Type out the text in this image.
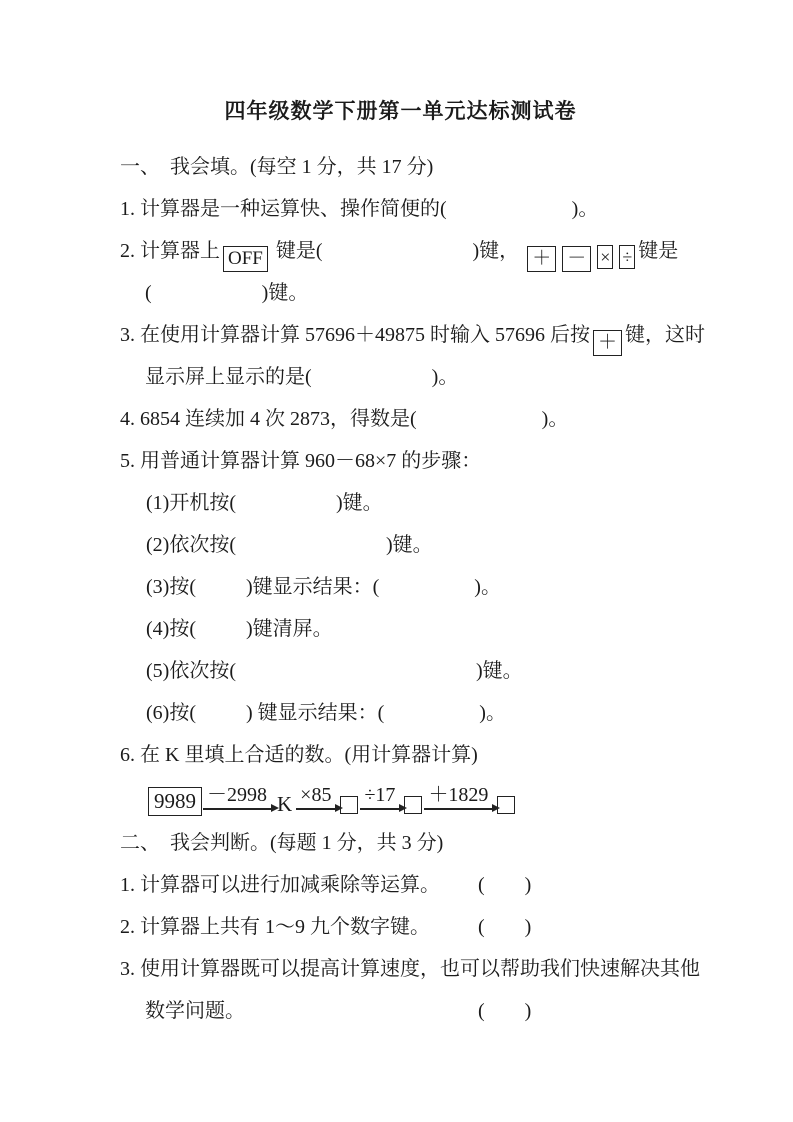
四年级数学下册第一单元达标测试卷
一、  我会填。(每空 1 分，共 17 分)
1. 计算器是一种运算快、操作简便的(                         )。
2. 计算器上 OFF 键是(                              )键， ＋ － × ÷ 键是
(                      )键。
3. 在使用计算器计算 57696＋49875 时输入 57696 后按 ＋ 键，这时
显示屏上显示的是(                        )。
4. 6854 连续加 4 次 2873，得数是(                         )。
5. 用普通计算器计算 960－68×7 的步骤：
(1)开机按(                    )键。
(2)依次按(                              )键。
(3)按(          )键显示结果：(                   )。
(4)按(          )键清屏。
(5)依次按(                                                )键。
(6)按(          ) 键显示结果：(                   )。
6. 在 K 里填上合适的数。(用计算器计算)
9989 －2998 K ×85 ÷17 ＋1829
二、  我会判断。(每题 1 分，共 3 分)
1. 计算器可以进行加减乘除等运算。 (        )
2. 计算器上共有 1～9 九个数字键。 (        )
3. 使用计算器既可以提高计算速度，也可以帮助我们快速解决其他
数学问题。	(        )
